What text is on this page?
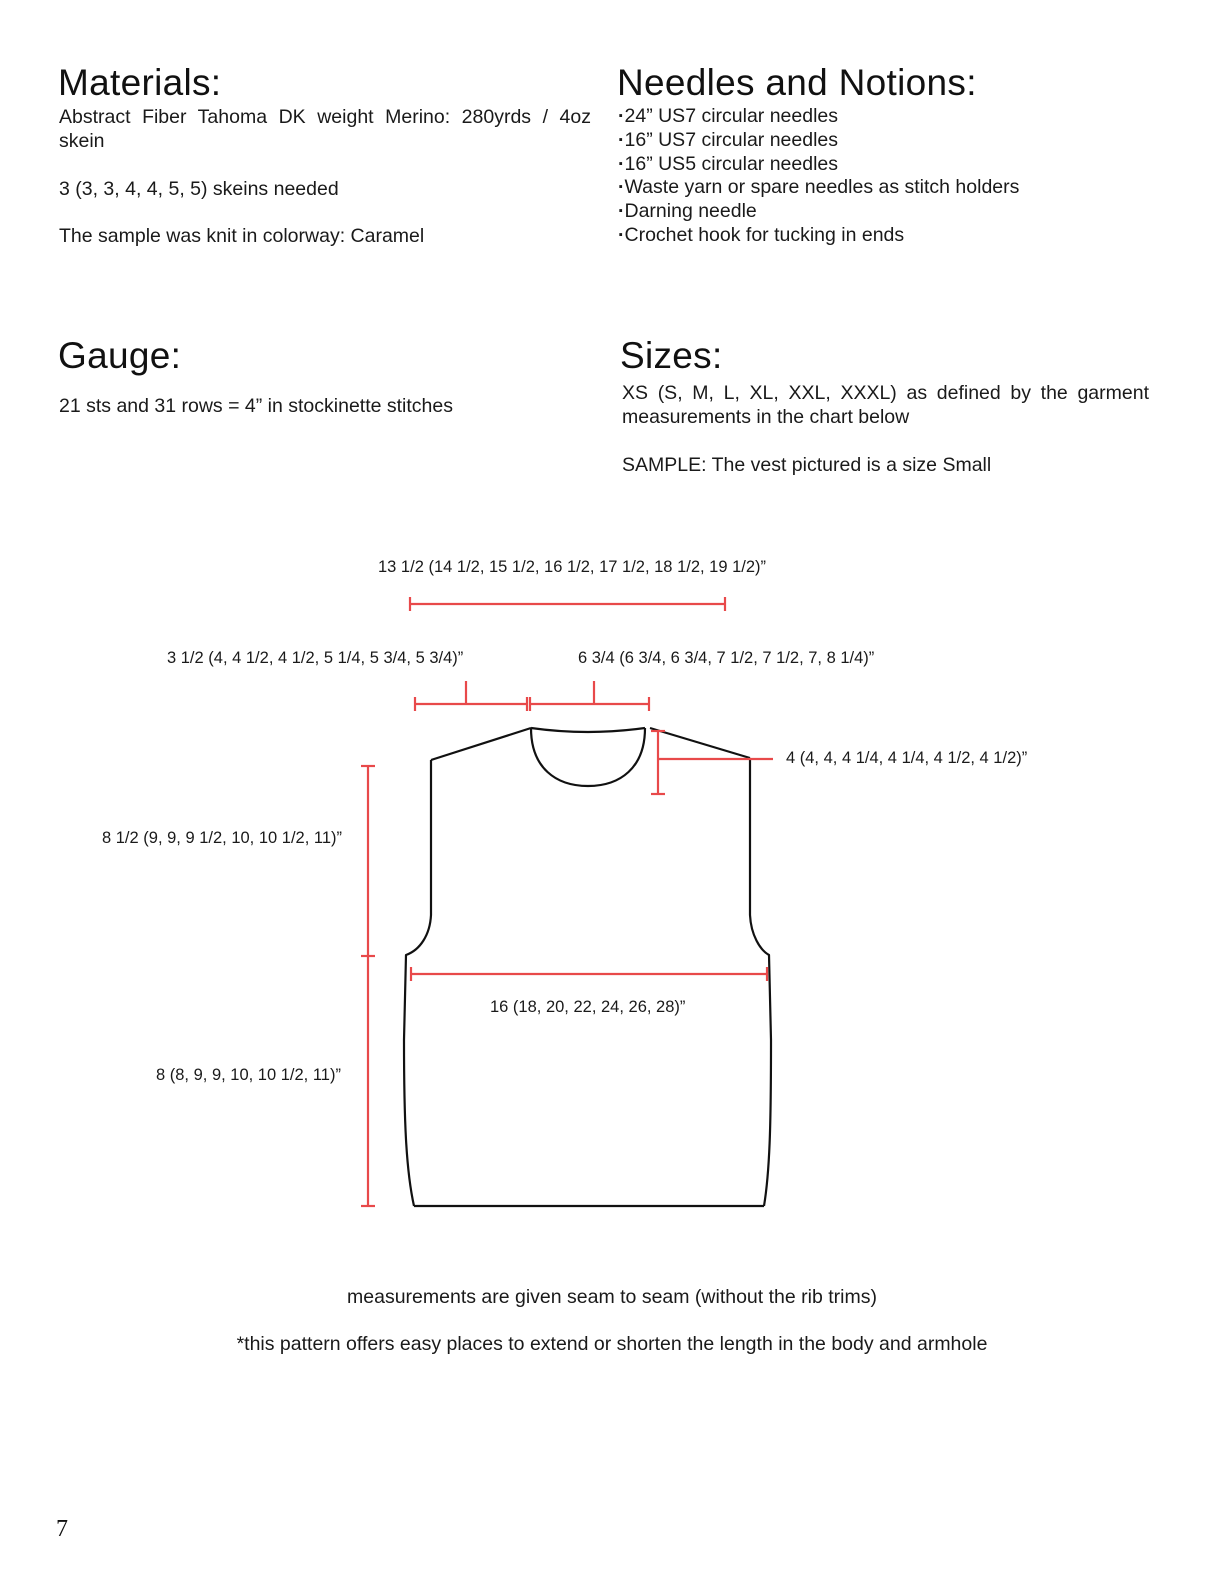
Materials:
Abstract Fiber Tahoma DK weight Merino: 280yrds / 4oz skein
3 (3, 3, 4, 4, 5, 5) skeins needed
The sample was knit in colorway: Caramel
Needles and Notions:
· 24” US7 circular needles
· 16” US7 circular needles
· 16” US5 circular needles
· Waste yarn or spare needles as stitch holders
· Darning needle
· Crochet hook for tucking in ends
Gauge:
21 sts and 31 rows = 4” in stockinette stitches
Sizes:
XS (S, M, L, XL, XXL, XXXL) as defined by the garment measurements in the chart below
SAMPLE: The vest pictured is a size Small
13 1/2 (14 1/2, 15 1/2, 16 1/2, 17 1/2, 18 1/2, 19 1/2)”
3 1/2 (4, 4 1/2, 4 1/2, 5 1/4, 5 3/4, 5 3/4)”	6 3/4 (6 3/4, 6 3/4, 7 1/2, 7 1/2, 7, 8 1/4)”
4 (4, 4, 4 1/4, 4 1/4, 4 1/2, 4 1/2)”
8 1/2 (9, 9, 9 1/2, 10, 10 1/2, 11)”
16 (18, 20, 22, 24, 26, 28)”
8 (8, 9, 9, 10, 10 1/2, 11)”
measurements are given seam to seam (without the rib trims)
*this pattern offers easy places to extend or shorten the length in the body and armhole
7
